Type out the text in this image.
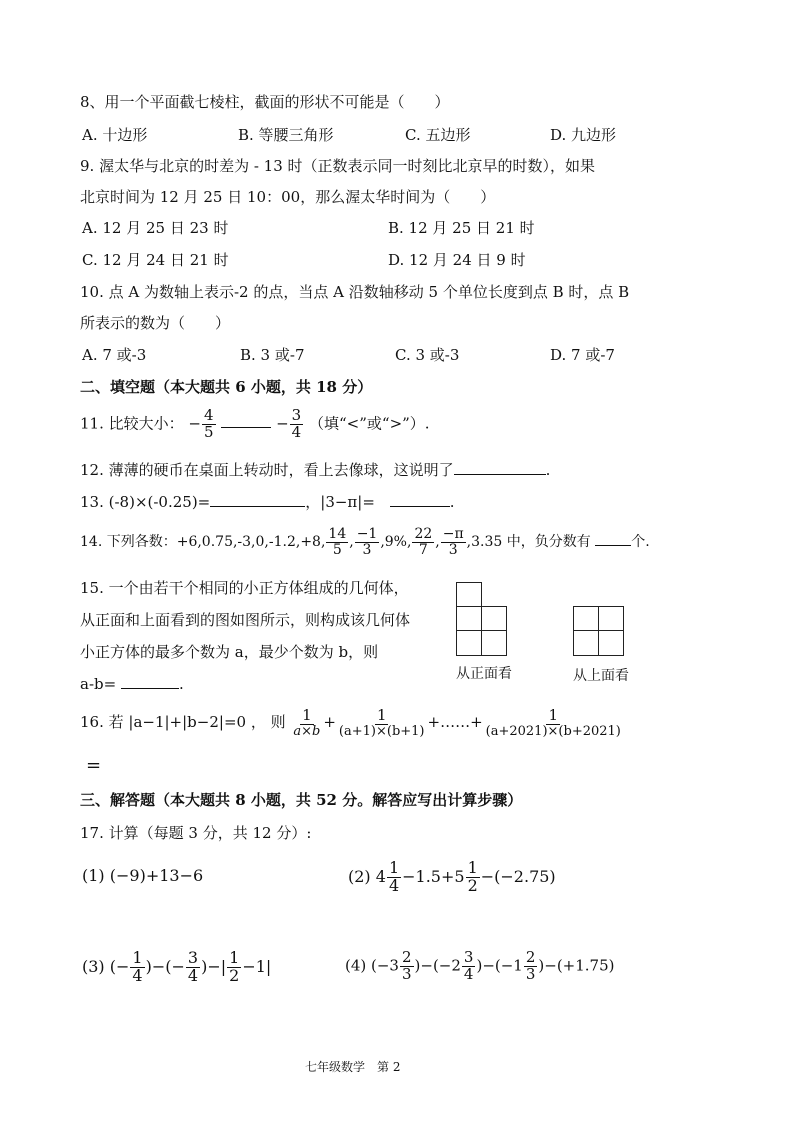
8、用一个平面截七棱柱，截面的形状不可能是（　　）
A. 十边形	B. 等腰三角形	C. 五边形	D. 九边形
9. 渥太华与北京的时差为 - 13 时（正数表示同一时刻比北京早的时数），如果
北京时间为 12 月 25 日 10：00，那么渥太华时间为（　　）
A. 12 月 25 日 23 时	B. 12 月 25 日 21 时
C. 12 月 24 日 21 时	D. 12 月 24 日 9 时
10. 点 A 为数轴上表示-2 的点，当点 A 沿数轴移动 5 个单位长度到点 B 时，点 B
所表示的数为（　　）
A. 7 或-3	B. 3 或-7	C. 3 或-3	D. 7 或-7
二、填空题（本大题共 6 小题，共 18 分）
11. 比较大小： − $\frac{4}{5}$	− $\frac{3}{4}$ （填“<”或“>”）.
12. 薄薄的硬币在桌面上转动时，看上去像球，这说明了	.
13. (-8)×(-0.25)=	，|3−π|=	.
14. 下列各数：+6,0.75,-3,0,-1.2,+8, $\frac{14}{5}$ , $\frac{-1}{3} ,9\%$, $\frac{22}{7}$ , $\frac{-\pi}{3} ,3.35$ 中，负分数有	个.
15. 一个由若干个相同的小正方体组成的几何体，
从正面和上面看到的图如图所示，则构成该几何体
小正方体的最多个数为 a，最少个数为 b，则
a-b=	.
从正面看	从上面看
16. 若 |a−1|+|b−2|=0 ， 则 $\frac{1}{a\times b} + \frac{1}{(a+1)\times(b+1)}$ +……+ $\frac{1}{(a+2021)\times(b+2021)}$
=
三、解答题（本大题共 8 小题，共 52 分。解答应写出计算步骤）
17. 计算（每题 3 分，共 12 分）:
(1) (−9)+13−6	(2) $4 \frac{1}{4} -1.5+5 \frac{1}{2} -(-2.75)$
(3) (− $\frac{1}{4}$ )−(− $\frac{3}{4}$ )−| $\frac{1}{2} -1|$	(4) $(-3 \frac{2}{3} )-(-2 \frac{3}{4} )-(-1 \frac{2}{3} )-(+1.75)$
七年级数学　第 2
